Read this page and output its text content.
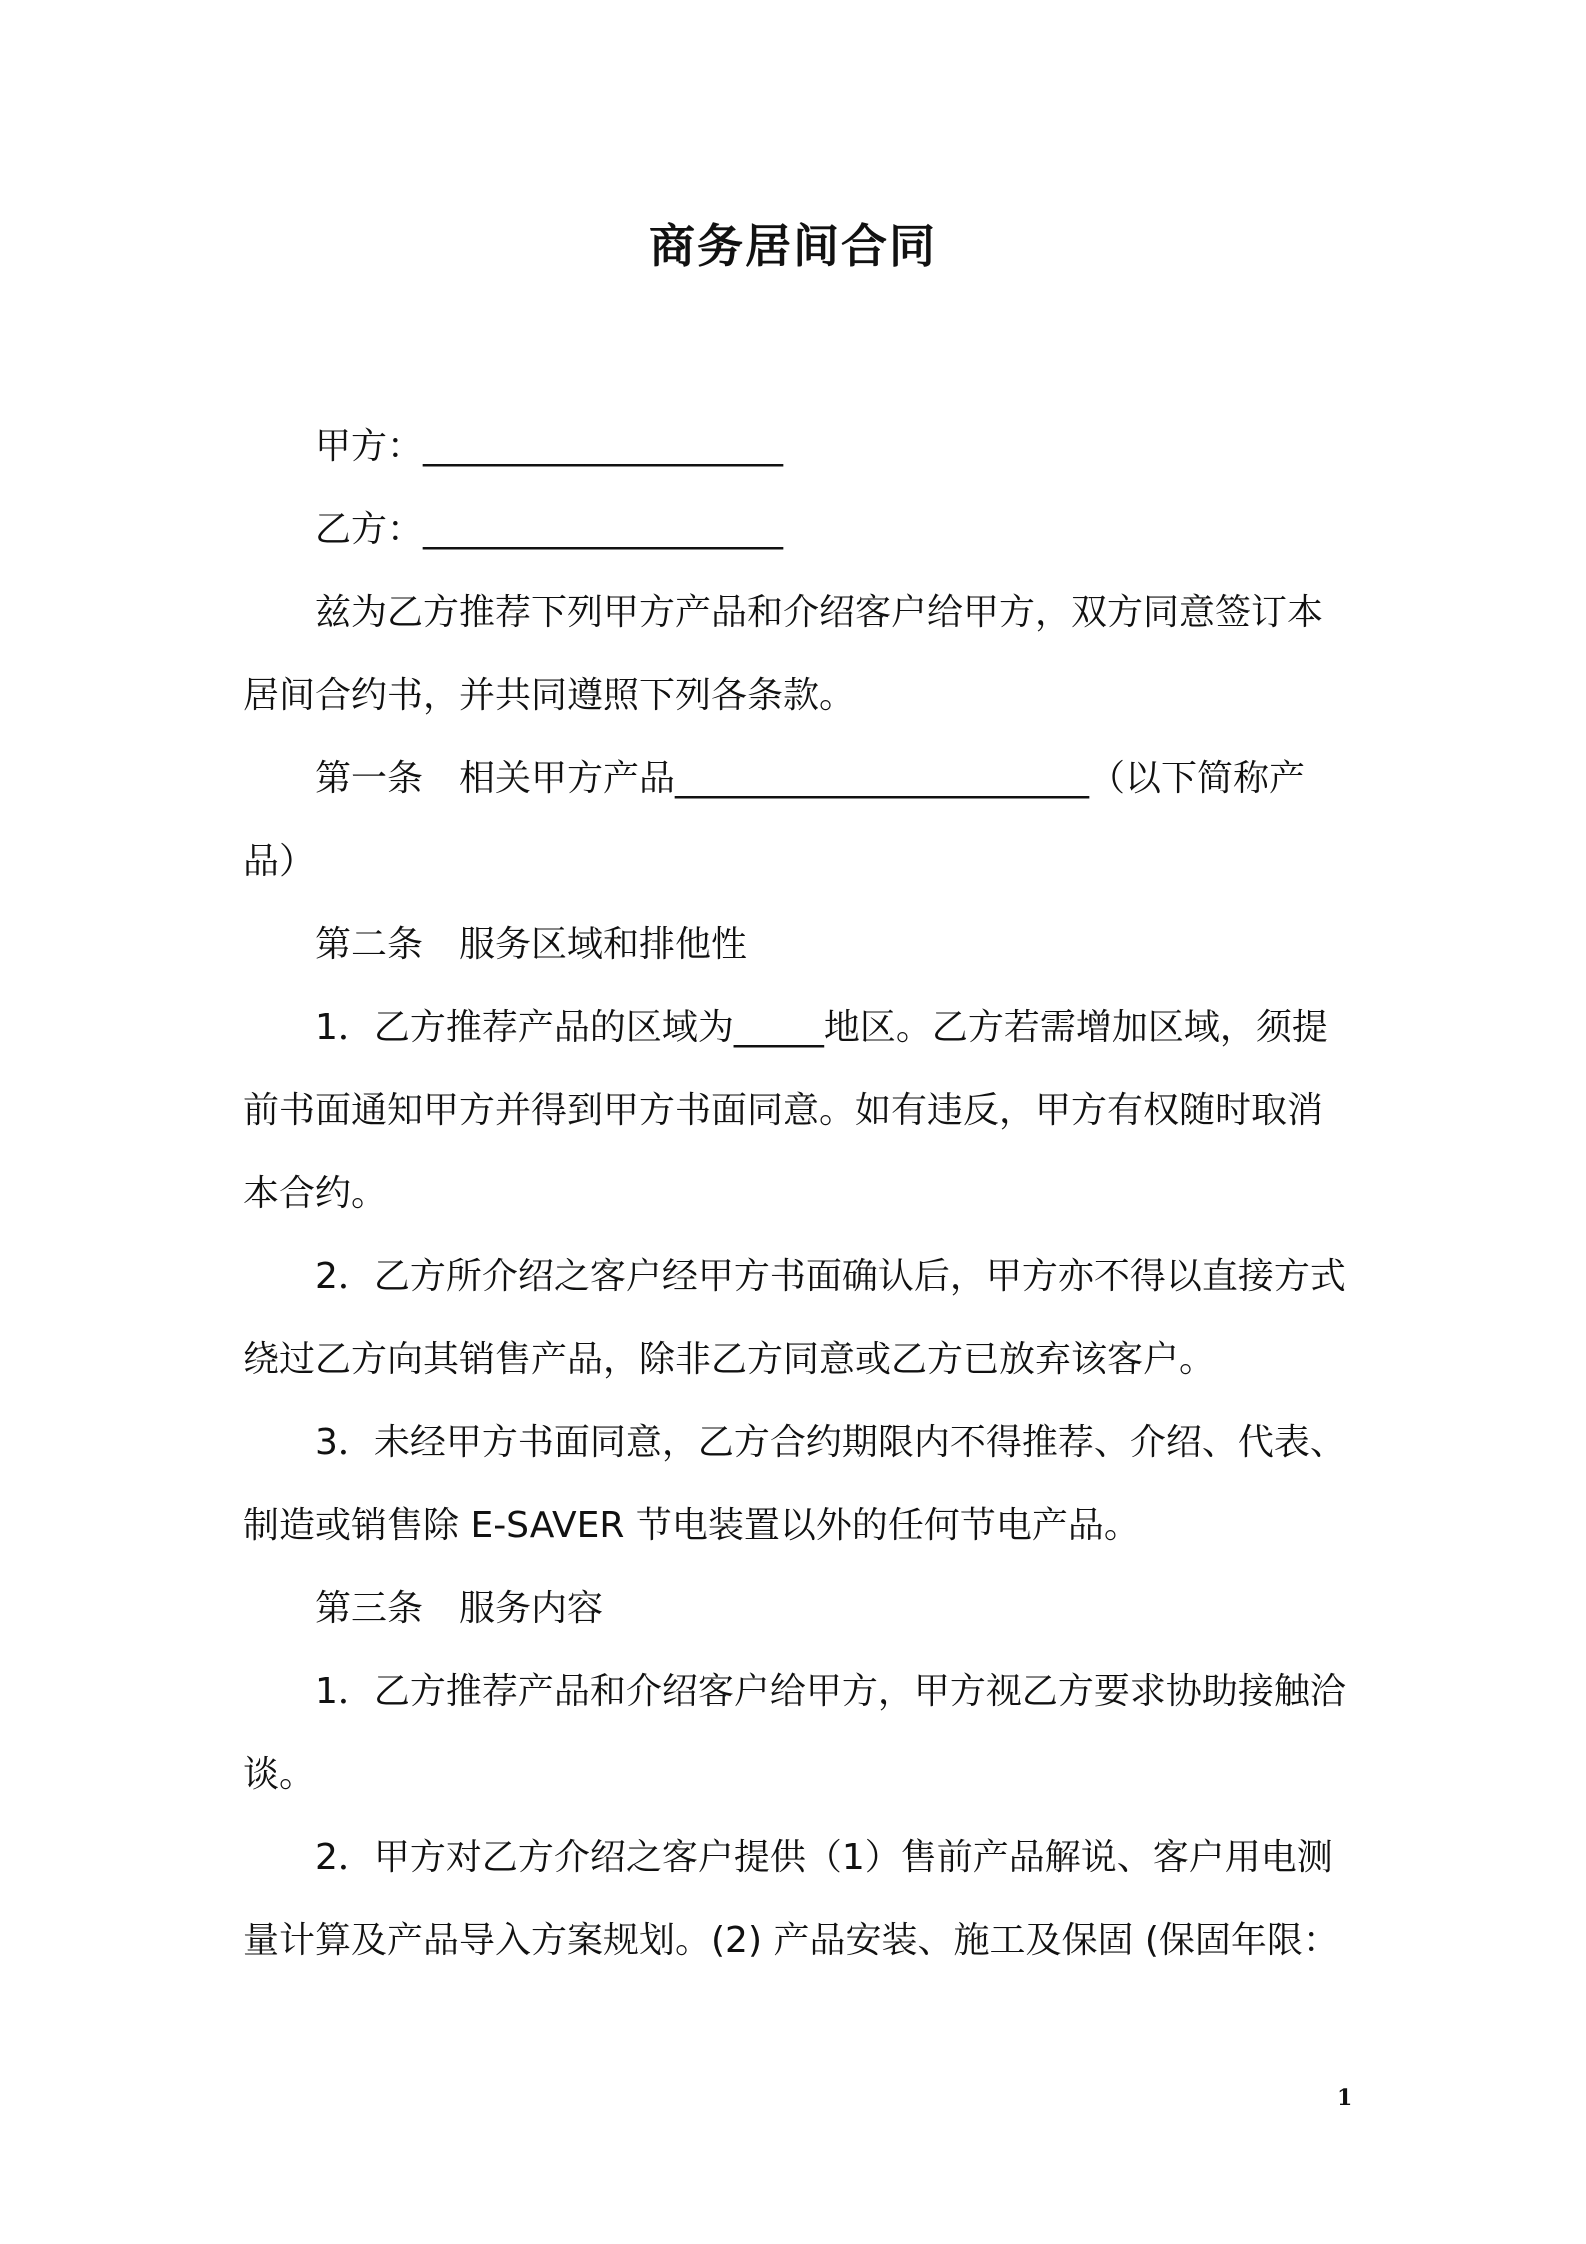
商务居间合同

甲方：____________________

乙方：____________________

兹为乙方推荐下列甲方产品和介绍客户给甲方，双方同意签订本居间合约书，并共同遵照下列各条款。

第一条　相关甲方产品_______________________（以下简称产品）

第二条　服务区域和排他性

1．乙方推荐产品的区域为_____地区。乙方若需增加区域，须提前书面通知甲方并得到甲方书面同意。如有违反，甲方有权随时取消本合约。

2．乙方所介绍之客户经甲方书面确认后，甲方亦不得以直接方式绕过乙方向其销售产品，除非乙方同意或乙方已放弃该客户。

3．未经甲方书面同意，乙方合约期限内不得推荐、介绍、代表、制造或销售除 E-SAVER 节电装置以外的任何节电产品。

第三条　服务内容

1．乙方推荐产品和介绍客户给甲方，甲方视乙方要求协助接触洽谈。

2．甲方对乙方介绍之客户提供（1）售前产品解说、客户用电测量计算及产品导入方案规划。(2) 产品安装、施工及保固 (保固年限：

1
